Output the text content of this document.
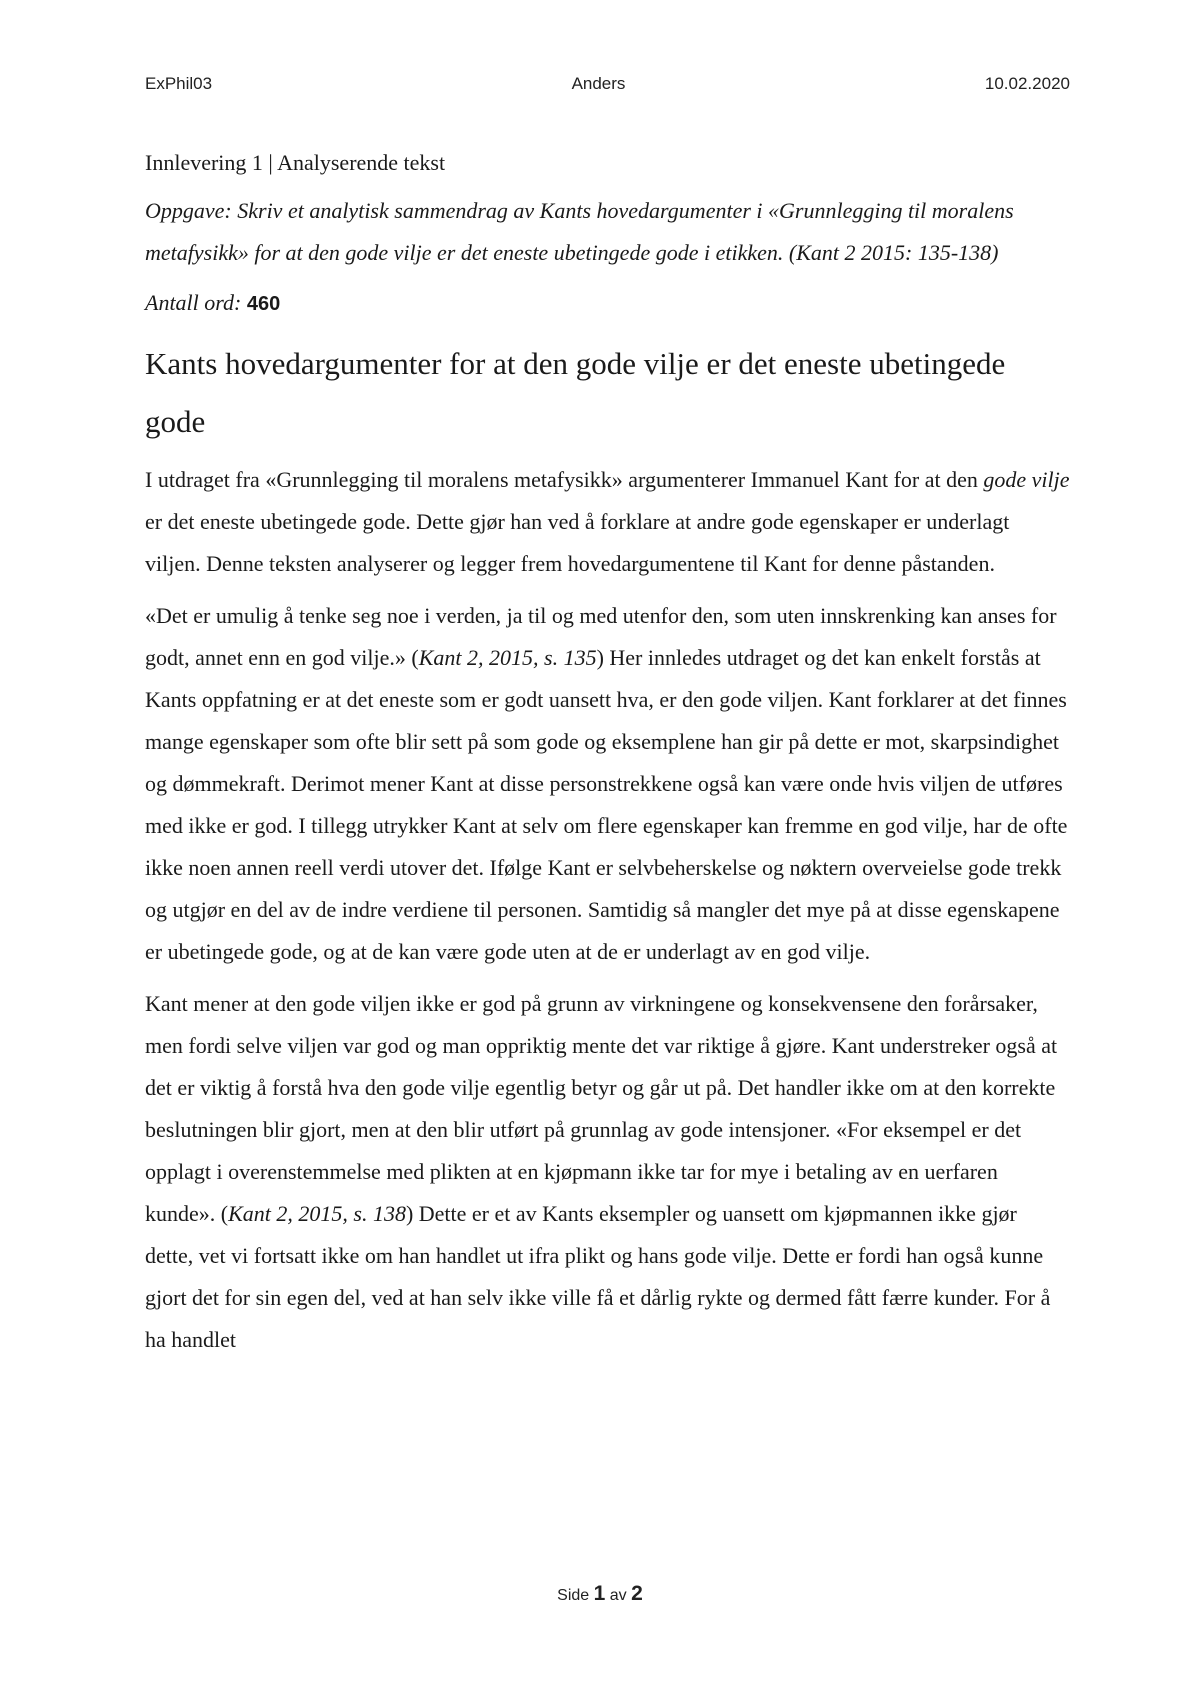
ExPhil03	Anders	10.02.2020

Innlevering 1 | Analyserende tekst

Oppgave: Skriv et analytisk sammendrag av Kants hovedargumenter i «Grunnlegging til moralens metafysikk» for at den gode vilje er det eneste ubetingede gode i etikken. (Kant 2 2015: 135-138)

Antall ord: 460

Kants hovedargumenter for at den gode vilje er det eneste ubetingede gode

I utdraget fra «Grunnlegging til moralens metafysikk» argumenterer Immanuel Kant for at den gode vilje er det eneste ubetingede gode. Dette gjør han ved å forklare at andre gode egenskaper er underlagt viljen. Denne teksten analyserer og legger frem hovedargumentene til Kant for denne påstanden.

«Det er umulig å tenke seg noe i verden, ja til og med utenfor den, som uten innskrenking kan anses for godt, annet enn en god vilje.» (Kant 2, 2015, s. 135) Her innledes utdraget og det kan enkelt forstås at Kants oppfatning er at det eneste som er godt uansett hva, er den gode viljen. Kant forklarer at det finnes mange egenskaper som ofte blir sett på som gode og eksemplene han gir på dette er mot, skarpsindighet og dømmekraft. Derimot mener Kant at disse personstrekkene også kan være onde hvis viljen de utføres med ikke er god. I tillegg utrykker Kant at selv om flere egenskaper kan fremme en god vilje, har de ofte ikke noen annen reell verdi utover det. Ifølge Kant er selvbeherskelse og nøktern overveielse gode trekk og utgjør en del av de indre verdiene til personen. Samtidig så mangler det mye på at disse egenskapene er ubetingede gode, og at de kan være gode uten at de er underlagt av en god vilje.

Kant mener at den gode viljen ikke er god på grunn av virkningene og konsekvensene den forårsaker, men fordi selve viljen var god og man oppriktig mente det var riktige å gjøre. Kant understreker også at det er viktig å forstå hva den gode vilje egentlig betyr og går ut på. Det handler ikke om at den korrekte beslutningen blir gjort, men at den blir utført på grunnlag av gode intensjoner. «For eksempel er det opplagt i overenstemmelse med plikten at en kjøpmann ikke tar for mye i betaling av en uerfaren kunde». (Kant 2, 2015, s. 138) Dette er et av Kants eksempler og uansett om kjøpmannen ikke gjør dette, vet vi fortsatt ikke om han handlet ut ifra plikt og hans gode vilje. Dette er fordi han også kunne gjort det for sin egen del, ved at han selv ikke ville få et dårlig rykte og dermed fått færre kunder. For å ha handlet

Side 1 av 2
